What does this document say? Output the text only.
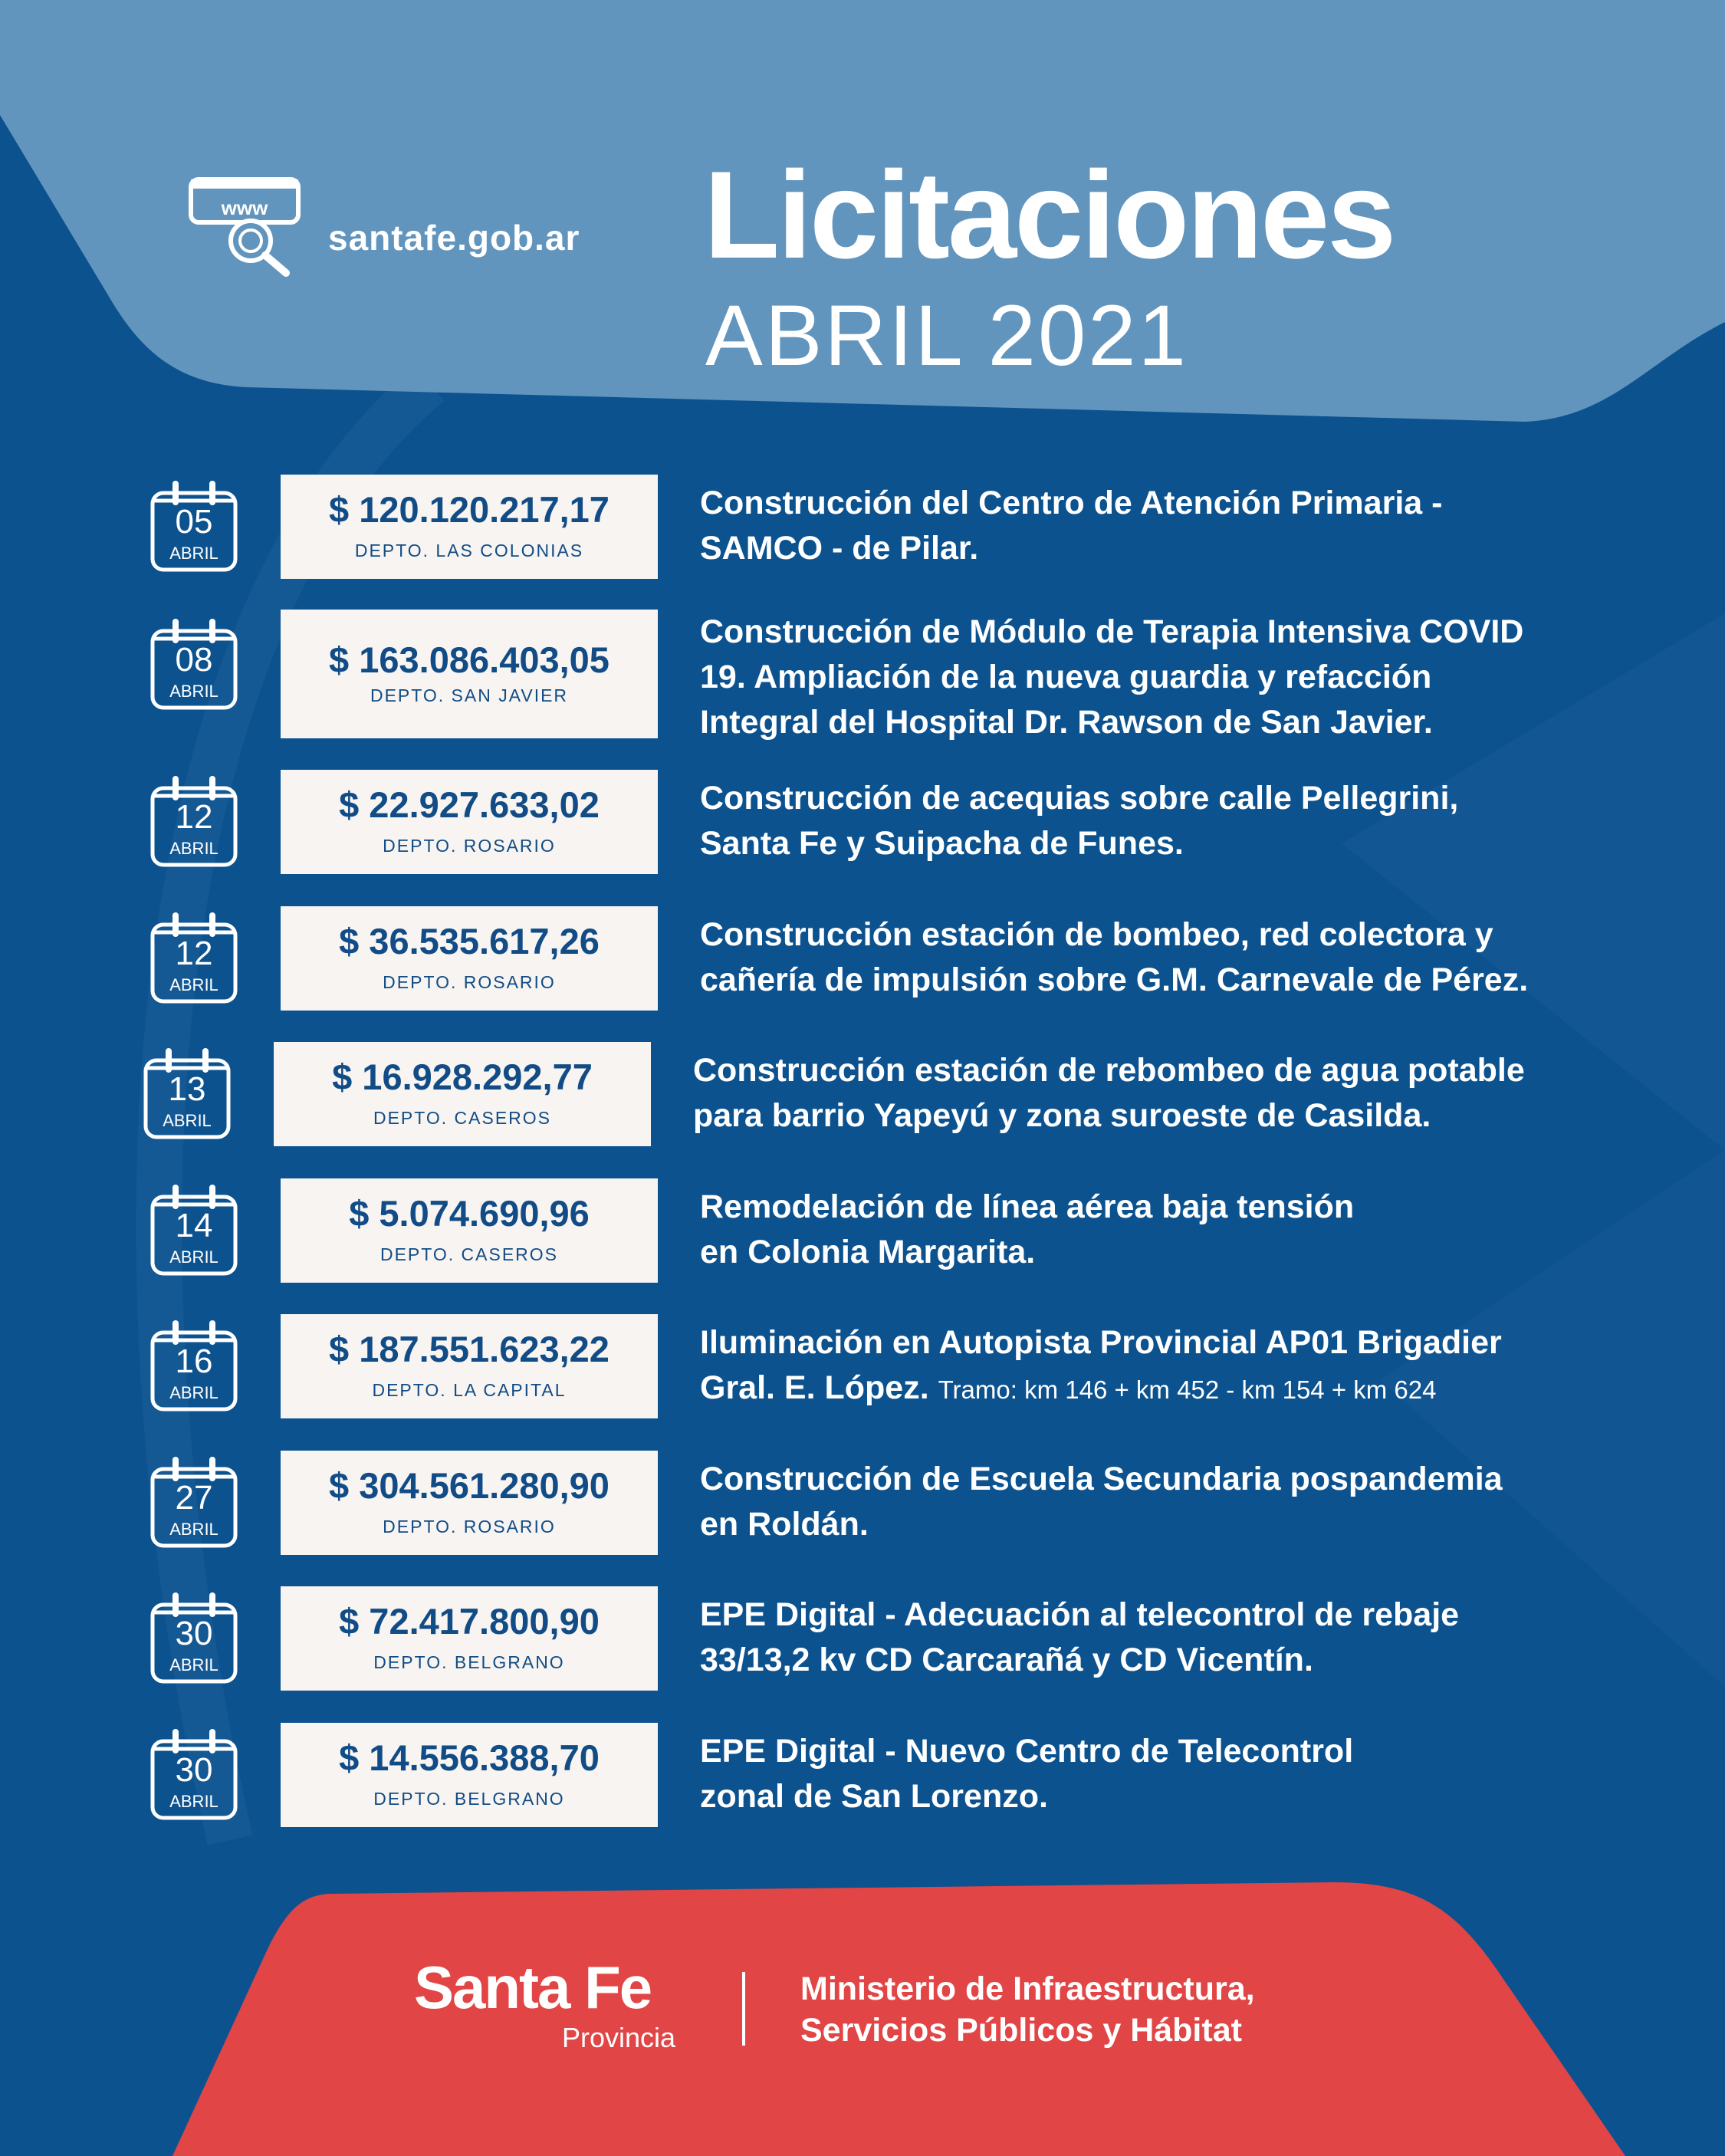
www
santafe.gob.ar Licitaciones
ABRIL 2021
05
ABRIL
$ 120.120.217,17
DEPTO. LAS COLONIAS
Construcción del Centro de Atención Primaria -
SAMCO - de Pilar.
08
ABRIL
$ 163.086.403,05
DEPTO. SAN JAVIER
Construcción de Módulo de Terapia Intensiva COVID
19. Ampliación de la nueva guardia y refacción
Integral del Hospital Dr. Rawson de San Javier.
12
ABRIL
$ 22.927.633,02
DEPTO. ROSARIO
Construcción de acequias sobre calle Pellegrini,
Santa Fe y Suipacha de Funes.
12
ABRIL
$ 36.535.617,26
DEPTO. ROSARIO
Construcción estación de bombeo, red colectora y
cañería de impulsión sobre G.M. Carnevale de Pérez.
13
ABRIL
$ 16.928.292,77
DEPTO. CASEROS
Construcción estación de rebombeo de agua potable
para barrio Yapeyú y zona suroeste de Casilda.
14
ABRIL
$ 5.074.690,96
DEPTO. CASEROS
Remodelación de línea aérea baja tensión
en Colonia Margarita.
16
ABRIL
$ 187.551.623,22
DEPTO. LA CAPITAL
Iluminación en Autopista Provincial AP01 Brigadier
Gral. E. López. Tramo: km 146 + km 452 - km 154 + km 624
27
ABRIL
$ 304.561.280,90
DEPTO. ROSARIO
Construcción de Escuela Secundaria pospandemia
en Roldán.
30
ABRIL
$ 72.417.800,90
DEPTO. BELGRANO
EPE Digital - Adecuación al telecontrol de rebaje
33/13,2 kv CD Carcarañá y CD Vicentín.
30
ABRIL
$ 14.556.388,70
DEPTO. BELGRANO
EPE Digital - Nuevo Centro de Telecontrol
zonal de San Lorenzo.
Santa Fe
Provincia
Ministerio de Infraestructura,
Servicios Públicos y Hábitat
